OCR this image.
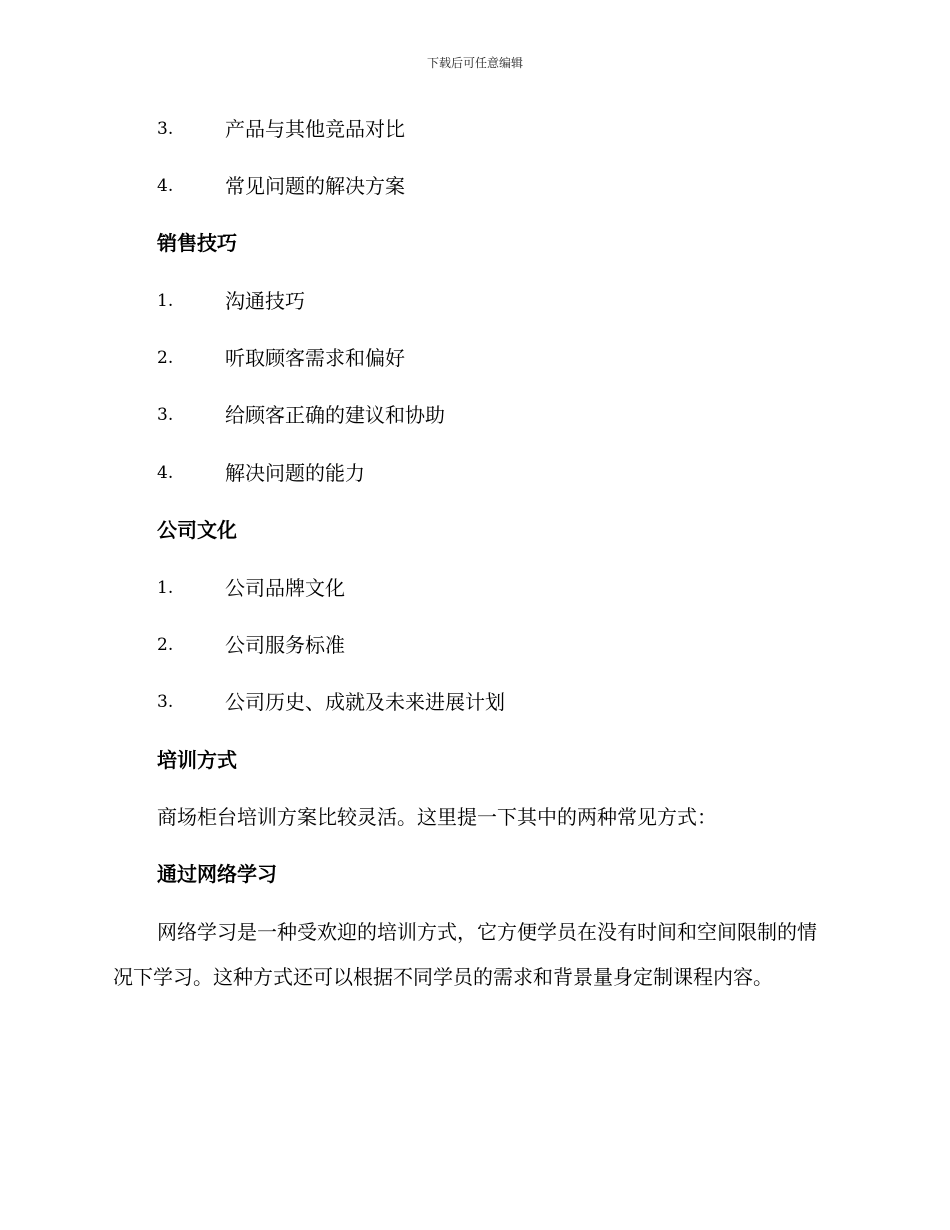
下载后可任意编辑
3.	产品与其他竞品对比
4.	常见问题的解决方案
销售技巧
1.	沟通技巧
2.	听取顾客需求和偏好
3.	给顾客正确的建议和协助
4.	解决问题的能力
公司文化
1.	公司品牌文化
2.	公司服务标准
3.	公司历史、成就及未来进展计划
培训方式
商场柜台培训方案比较灵活。这里提一下其中的两种常见方式：
通过网络学习
网络学习是一种受欢迎的培训方式，它方便学员在没有时间和空间限制的情况下学习。这种方式还可以根据不同学员的需求和背景量身定制课程内容。
